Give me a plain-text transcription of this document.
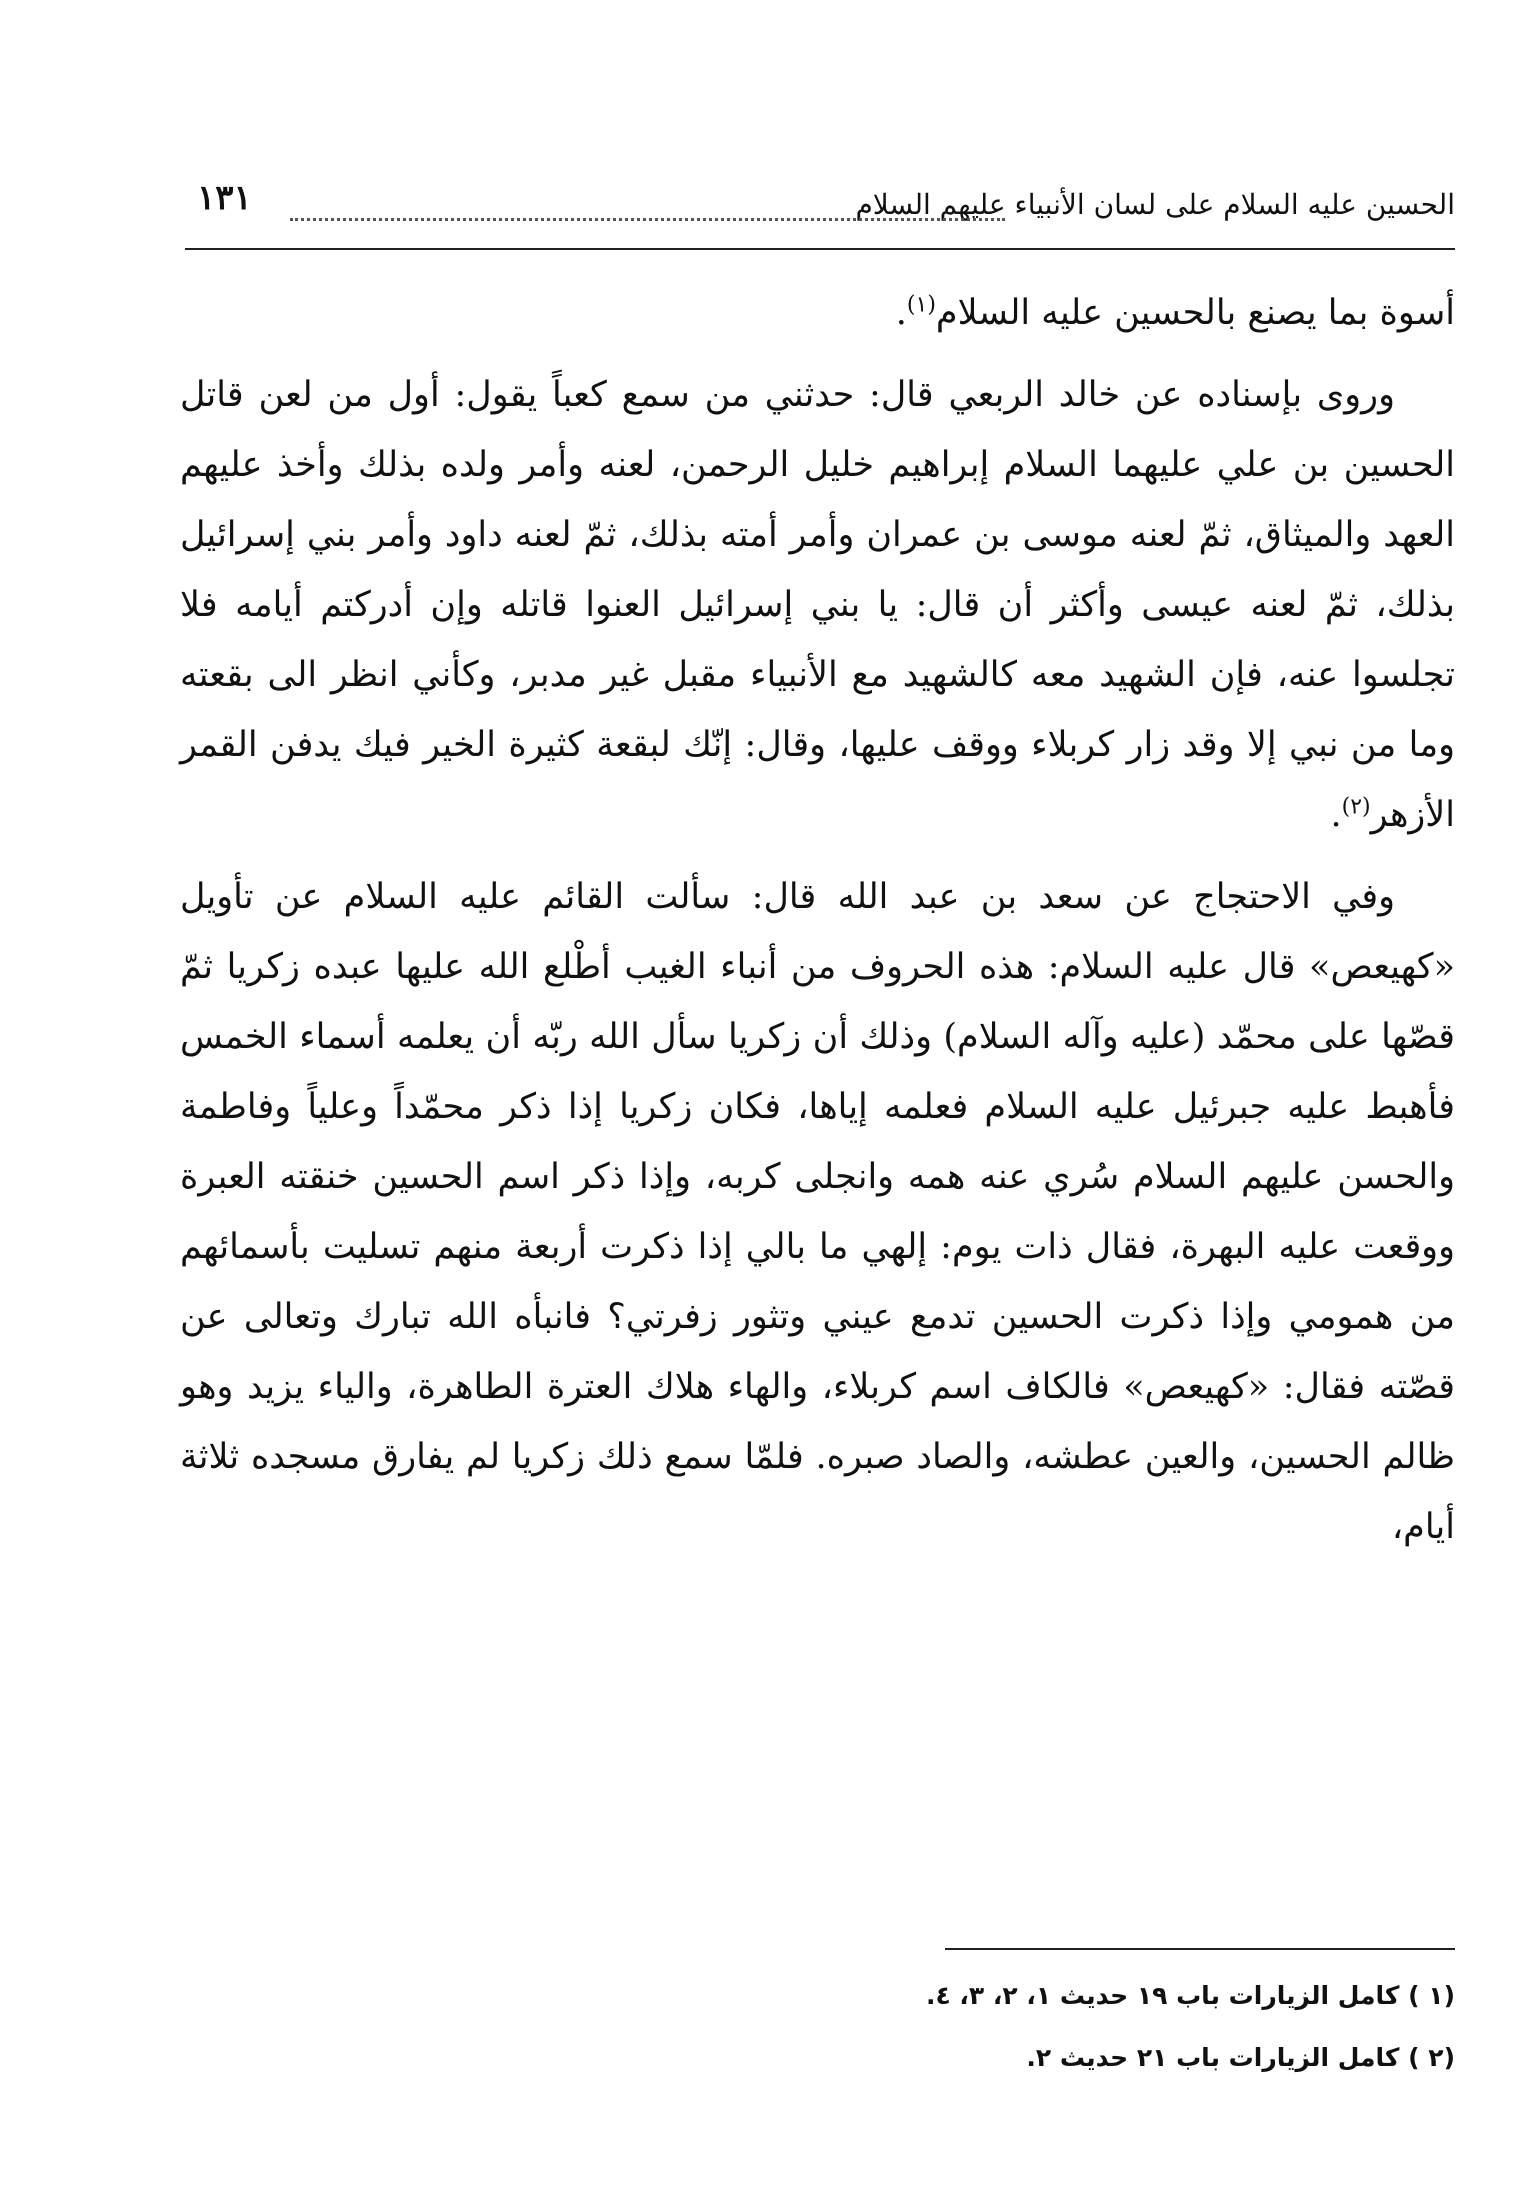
الحسين عليه السلام على لسان الأنبياء عليهم السلام
١٣١

أسوة بما يصنع بالحسين عليه السلام$^{(١)}$.

وروى بإسناده عن خالد الربعي قال: حدثني من سمع كعباً يقول: أول من لعن قاتل الحسين بن علي عليهما السلام إبراهيم خليل الرحمن، لعنه وأمر ولده بذلك وأخذ عليهم العهد والميثاق، ثمّ لعنه موسى بن عمران وأمر أمته بذلك، ثمّ لعنه داود وأمر بني إسرائيل بذلك، ثمّ لعنه عيسى وأكثر أن قال: يا بني إسرائيل العنوا قاتله وإن أدركتم أيامه فلا تجلسوا عنه، فإن الشهيد معه كالشهيد مع الأنبياء مقبل غير مدبر، وكأني انظر الى بقعته وما من نبي إلا وقد زار كربلاء ووقف عليها، وقال: إنّك لبقعة كثيرة الخير فيك يدفن القمر الأزهر$^{(٢)}$.

وفي الاحتجاج عن سعد بن عبد الله قال: سألت القائم عليه السلام عن تأويل «كهيعص» قال عليه السلام: هذه الحروف من أنباء الغيب أطْلع الله عليها عبده زكريا ثمّ قصّها على محمّد (عليه وآله السلام) وذلك أن زكريا سأل الله ربّه أن يعلمه أسماء الخمس فأهبط عليه جبرئيل عليه السلام فعلمه إياها، فكان زكريا إذا ذكر محمّداً وعلياً وفاطمة والحسن عليهم السلام سُري عنه همه وانجلى كربه، وإذا ذكر اسم الحسين خنقته العبرة ووقعت عليه البهرة، فقال ذات يوم: إلهي ما بالي إذا ذكرت أربعة منهم تسليت بأسمائهم من همومي وإذا ذكرت الحسين تدمع عيني وتثور زفرتي؟ فانبأه الله تبارك وتعالى عن قصّته فقال: «كهيعص» فالكاف اسم كربلاء، والهاء هلاك العترة الطاهرة، والياء يزيد وهو ظالم الحسين، والعين عطشه، والصاد صبره. فلمّا سمع ذلك زكريا لم يفارق مسجده ثلاثة أيام،

(١ ) كامل الزيارات باب ١٩ حديث ١، ٢، ٣، ٤.
(٢ ) كامل الزيارات باب ٢١ حديث ٢.
